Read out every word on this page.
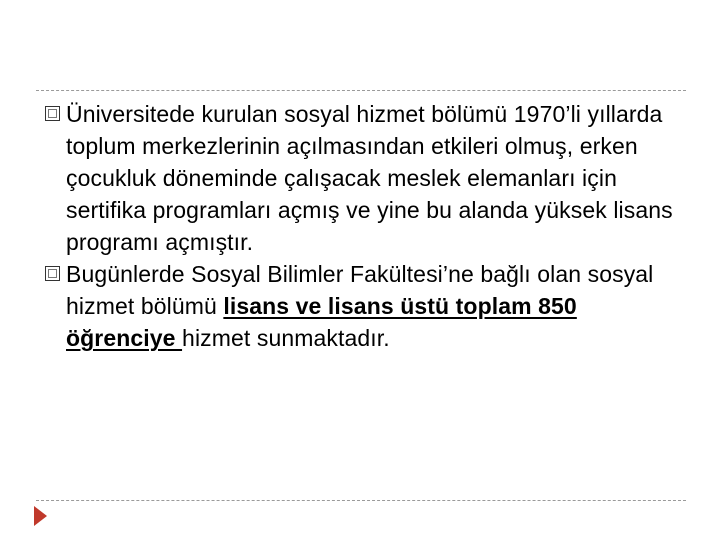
Üniversitede kurulan sosyal hizmet bölümü 1970’li yıllarda toplum merkezlerinin açılmasından etkileri olmuş, erken çocukluk döneminde çalışacak meslek elemanları için sertifika programları açmış ve yine bu alanda yüksek lisans programı açmıştır.

Bugünlerde Sosyal Bilimler Fakültesi’ne bağlı olan sosyal hizmet bölümü lisans ve lisans üstü toplam 850 öğrenciye hizmet sunmaktadır.
